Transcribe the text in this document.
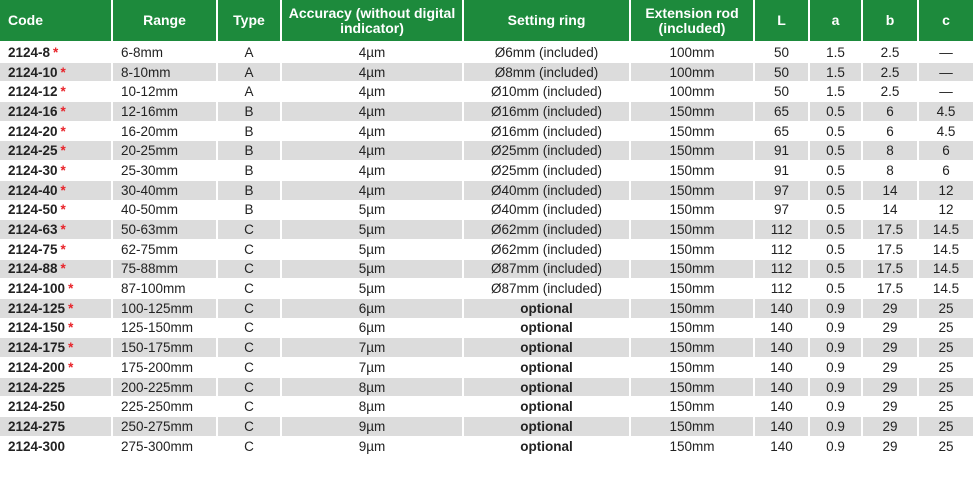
Code	Range	Type	Accuracy (without digital indicator)	Setting ring	Extension rod (included)	L	a	b	c
2124-8 *	6-8mm	A	4µm	Ø6mm (included)	100mm	50	1.5	2.5	—
2124-10 *	8-10mm	A	4µm	Ø8mm (included)	100mm	50	1.5	2.5	—
2124-12 *	10-12mm	A	4µm	Ø10mm (included)	100mm	50	1.5	2.5	—
2124-16 *	12-16mm	B	4µm	Ø16mm (included)	150mm	65	0.5	6	4.5
2124-20 *	16-20mm	B	4µm	Ø16mm (included)	150mm	65	0.5	6	4.5
2124-25 *	20-25mm	B	4µm	Ø25mm (included)	150mm	91	0.5	8	6
2124-30 *	25-30mm	B	4µm	Ø25mm (included)	150mm	91	0.5	8	6
2124-40 *	30-40mm	B	4µm	Ø40mm (included)	150mm	97	0.5	14	12
2124-50 *	40-50mm	B	5µm	Ø40mm (included)	150mm	97	0.5	14	12
2124-63 *	50-63mm	C	5µm	Ø62mm (included)	150mm	112	0.5	17.5	14.5
2124-75 *	62-75mm	C	5µm	Ø62mm (included)	150mm	112	0.5	17.5	14.5
2124-88 *	75-88mm	C	5µm	Ø87mm (included)	150mm	112	0.5	17.5	14.5
2124-100 *	87-100mm	C	5µm	Ø87mm (included)	150mm	112	0.5	17.5	14.5
2124-125 *	100-125mm	C	6µm	optional	150mm	140	0.9	29	25
2124-150 *	125-150mm	C	6µm	optional	150mm	140	0.9	29	25
2124-175 *	150-175mm	C	7µm	optional	150mm	140	0.9	29	25
2124-200 *	175-200mm	C	7µm	optional	150mm	140	0.9	29	25
2124-225	200-225mm	C	8µm	optional	150mm	140	0.9	29	25
2124-250	225-250mm	C	8µm	optional	150mm	140	0.9	29	25
2124-275	250-275mm	C	9µm	optional	150mm	140	0.9	29	25
2124-300	275-300mm	C	9µm	optional	150mm	140	0.9	29	25
